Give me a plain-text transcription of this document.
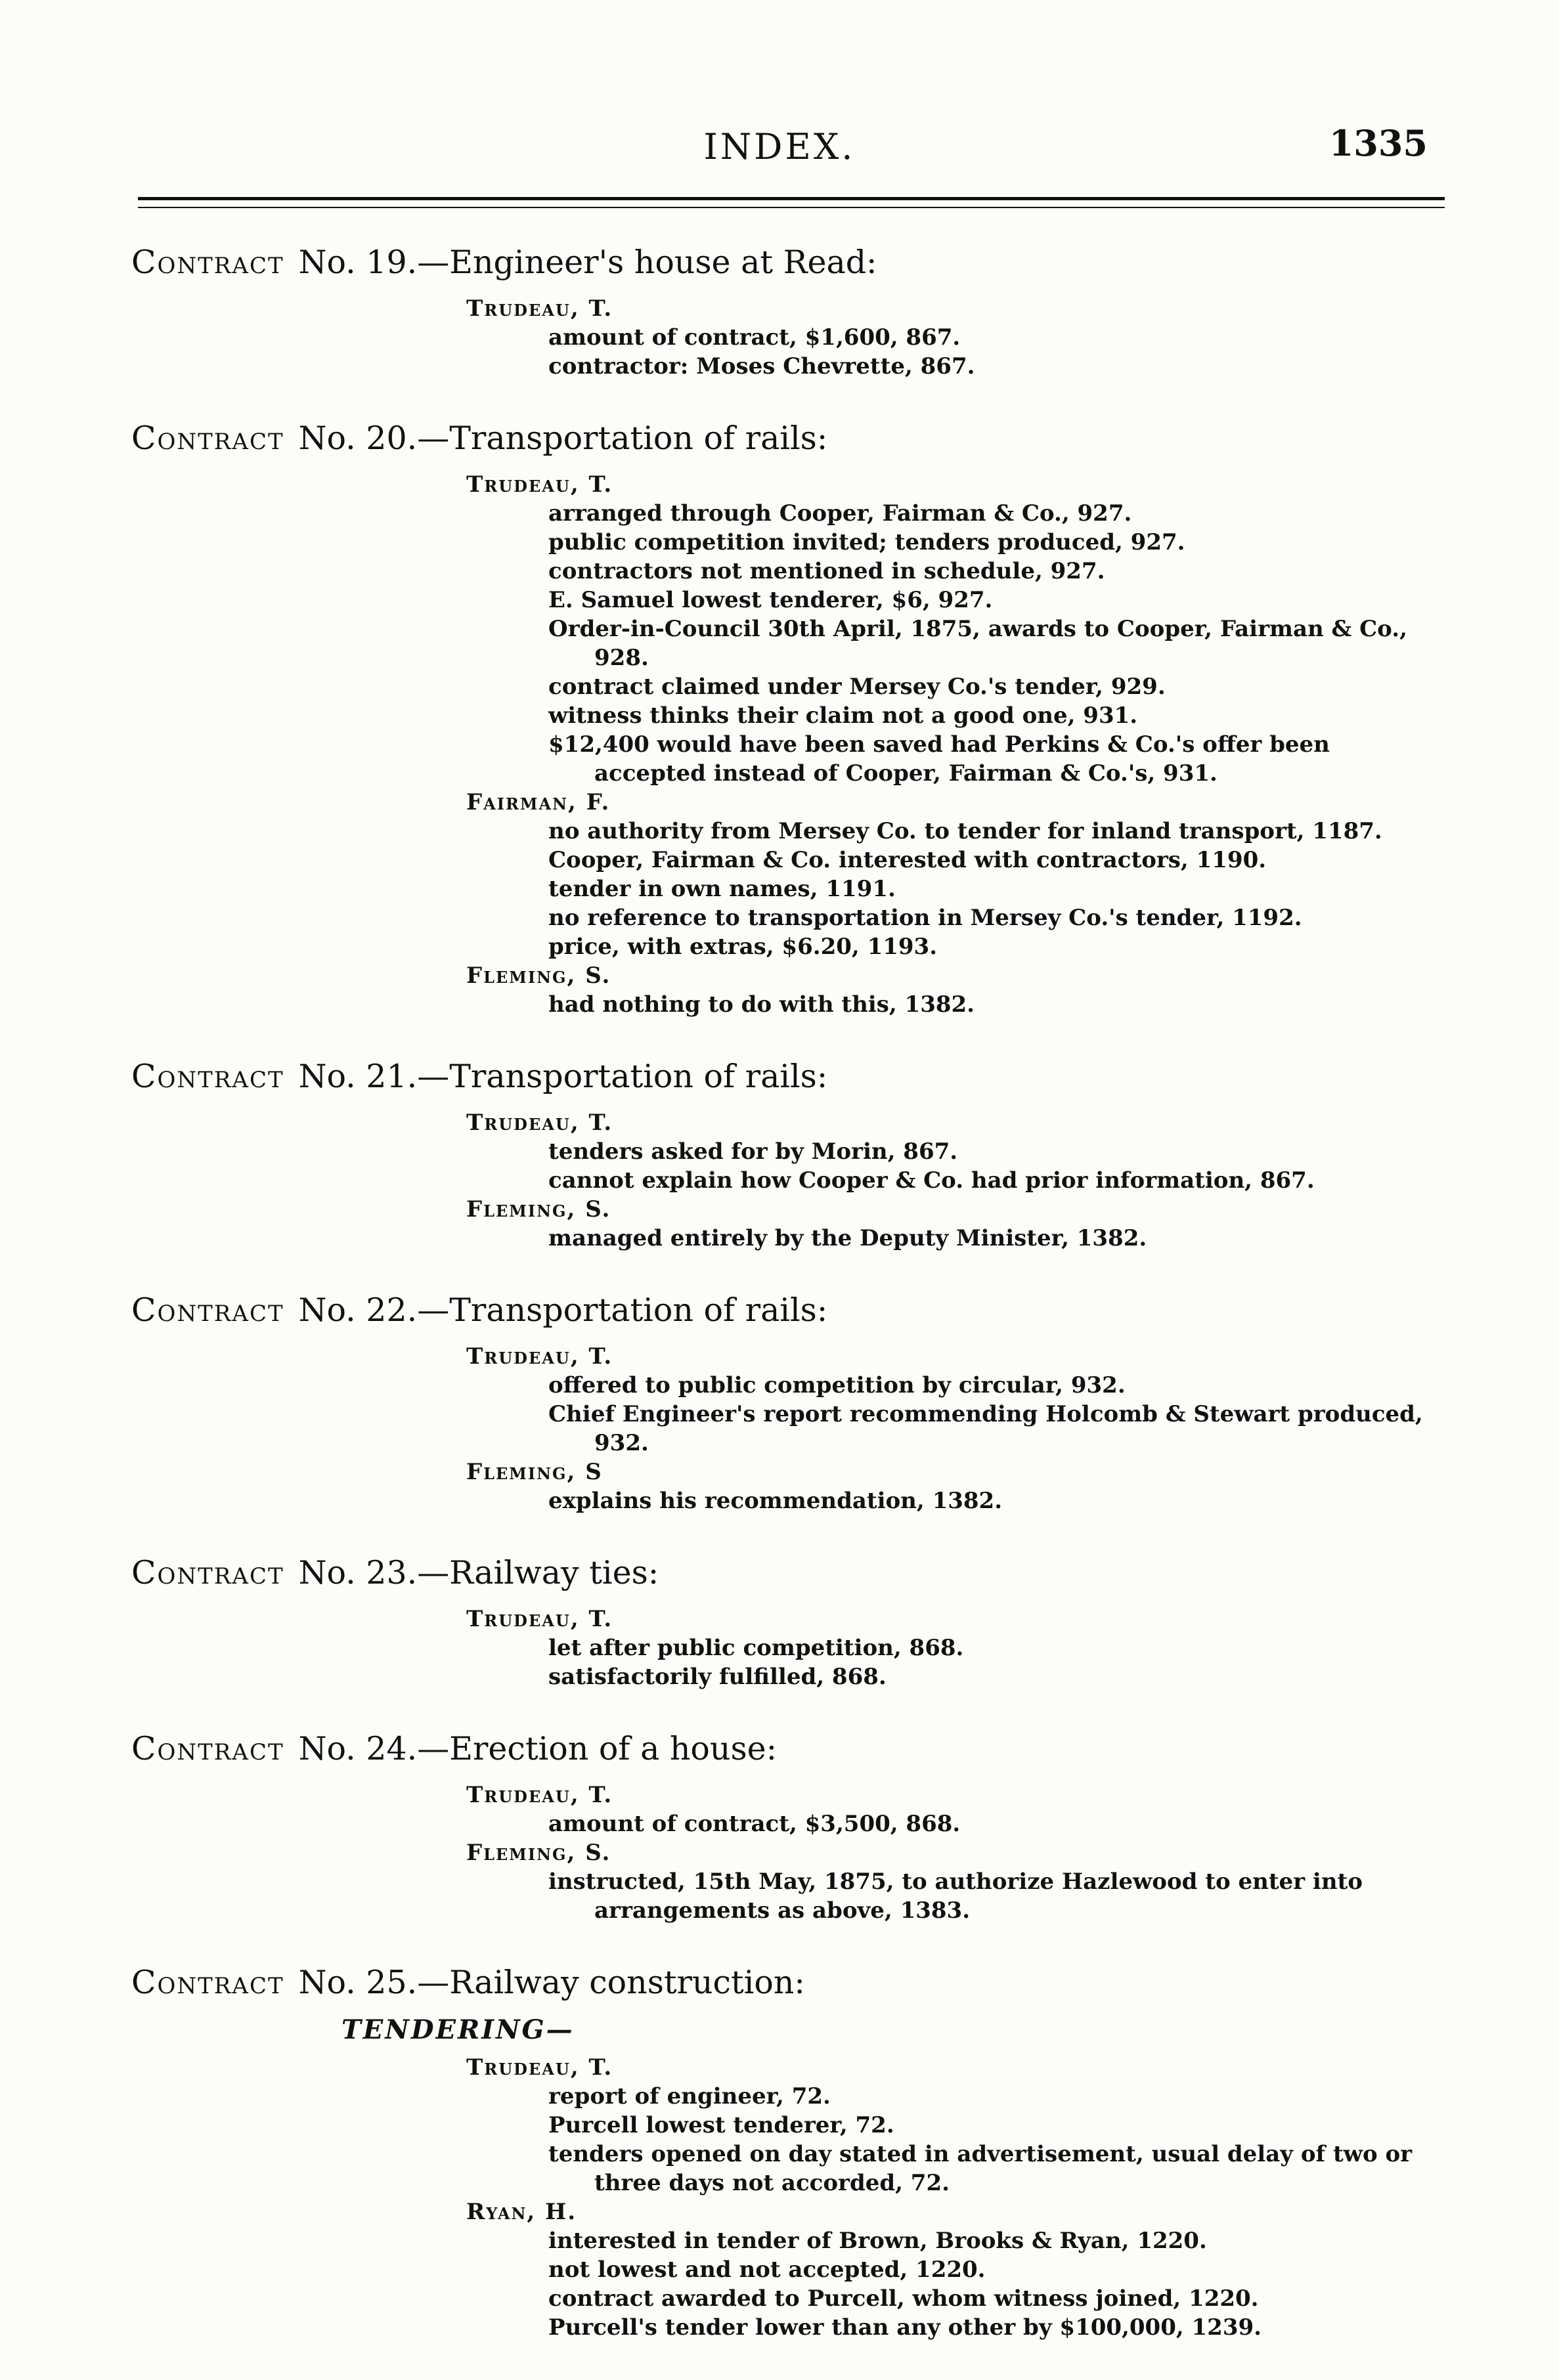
INDEX.	1335
Contract No. 19.—Engineer's house at Read:
Trudeau, T.
amount of contract, $1,600, 867.
contractor: Moses Chevrette, 867.
Contract No. 20.—Transportation of rails:
Trudeau, T.
arranged through Cooper, Fairman & Co., 927.
public competition invited; tenders produced, 927.
contractors not mentioned in schedule, 927.
E. Samuel lowest tenderer, $6, 927.
Order-in-Council 30th April, 1875, awards to Cooper, Fairman & Co., 928.
contract claimed under Mersey Co.'s tender, 929.
witness thinks their claim not a good one, 931.
$12,400 would have been saved had Perkins & Co.'s offer been accepted instead of Cooper, Fairman & Co.'s, 931.
Fairman, F.
no authority from Mersey Co. to tender for inland transport, 1187.
Cooper, Fairman & Co. interested with contractors, 1190.
tender in own names, 1191.
no reference to transportation in Mersey Co.'s tender, 1192.
price, with extras, $6.20, 1193.
Fleming, S.
had nothing to do with this, 1382.
Contract No. 21.—Transportation of rails:
Trudeau, T.
tenders asked for by Morin, 867.
cannot explain how Cooper & Co. had prior information, 867.
Fleming, S.
managed entirely by the Deputy Minister, 1382.
Contract No. 22.—Transportation of rails:
Trudeau, T.
offered to public competition by circular, 932.
Chief Engineer's report recommending Holcomb & Stewart produced, 932.
Fleming, S
explains his recommendation, 1382.
Contract No. 23.—Railway ties:
Trudeau, T.
let after public competition, 868.
satisfactorily fulfilled, 868.
Contract No. 24.—Erection of a house:
Trudeau, T.
amount of contract, $3,500, 868.
Fleming, S.
instructed, 15th May, 1875, to authorize Hazlewood to enter into arrangements as above, 1383.
Contract No. 25.—Railway construction:
TENDERING—
Trudeau, T.
report of engineer, 72.
Purcell lowest tenderer, 72.
tenders opened on day stated in advertisement, usual delay of two or three days not accorded, 72.
Ryan, H.
interested in tender of Brown, Brooks & Ryan, 1220.
not lowest and not accepted, 1220.
contract awarded to Purcell, whom witness joined, 1220.
Purcell's tender lower than any other by $100,000, 1239.
